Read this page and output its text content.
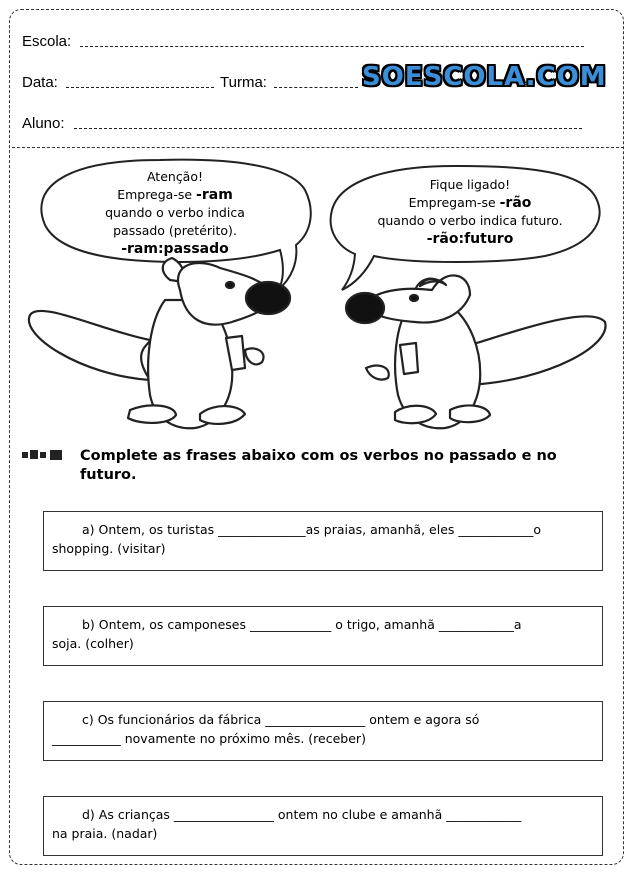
Escola:
Data:	Turma:	SOESCOLA.COM
Aluno:
Atenção!
Emprega-se -ram
quando o verbo indica
passado (pretérito).
-ram:passado
Fique ligado!
Empregam-se -rão
quando o verbo indica futuro.
-rão:futuro
Complete as frases abaixo com os verbos no passado e no futuro.

a) Ontem, os turistas ______________as praias, amanhã, eles ____________o

shopping. (visitar)

b) Ontem, os camponeses _____________ o trigo, amanhã ____________a

soja. (colher)

c) Os funcionários da fábrica ________________ ontem e agora só

___________ novamente no próximo mês. (receber)

d) As crianças ________________ ontem no clube e amanhã ____________

na praia. (nadar)
